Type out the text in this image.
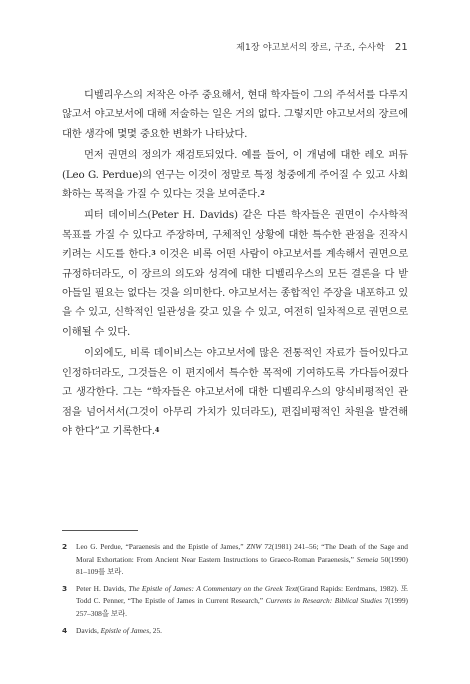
제1장 야고보서의 장르, 구조, 수사학 21

디벨리우스의 저작은 아주 중요해서, 현대 학자들이 그의 주석서를 다루지 않고서 야고보서에 대해 저술하는 일은 거의 없다. 그렇지만 야고보서의 장르에 대한 생각에 몇몇 중요한 변화가 나타났다.

먼저 권면의 정의가 재검토되었다. 예를 들어, 이 개념에 대한 레오 퍼듀(Leo G. Perdue)의 연구는 이것이 정말로 특정 청중에게 주어질 수 있고 사회화하는 목적을 가질 수 있다는 것을 보여준다.$^2$

피터 데이비스(Peter H. Davids) 같은 다른 학자들은 권면이 수사학적 목표를 가질 수 있다고 주장하며, 구체적인 상황에 대한 특수한 관점을 진작시키려는 시도를 한다.$^3$ 이것은 비록 어떤 사람이 야고보서를 계속해서 권면으로 규정하더라도, 이 장르의 의도와 성격에 대한 디벨리우스의 모든 결론을 다 받아들일 필요는 없다는 것을 의미한다. 야고보서는 종합적인 주장을 내포하고 있을 수 있고, 신학적인 일관성을 갖고 있을 수 있고, 여전히 일차적으로 권면으로 이해될 수 있다.

이외에도, 비록 데이비스는 야고보서에 많은 전통적인 자료가 들어있다고 인정하더라도, 그것들은 이 편지에서 특수한 목적에 기여하도록 가다듬어졌다고 생각한다. 그는 “학자들은 야고보서에 대한 디벨리우스의 양식비평적인 관점을 넘어서서(그것이 아무리 가치가 있더라도), 편집비평적인 차원을 발견해야 한다”고 기록한다.$^4$

2	Leo G. Perdue, “Paraenesis and the Epistle of James,” ZNW 72(1981) 241–56; “The Death of the Sage and Moral Exhortation: From Ancient Near Eastern Instructions to Graeco-Roman Paraenesis,” Semeia 50(1990) 81–109를 보라.
3	Peter H. Davids, The Epistle of James: A Commentary on the Greek Text(Grand Rapids: Eerdmans, 1982). 또 Todd C. Penner, “The Epistle of James in Current Research,” Currents in Research: Biblical Studies 7(1999) 257–308을 보라.
4	Davids, Epistle of James, 25.
